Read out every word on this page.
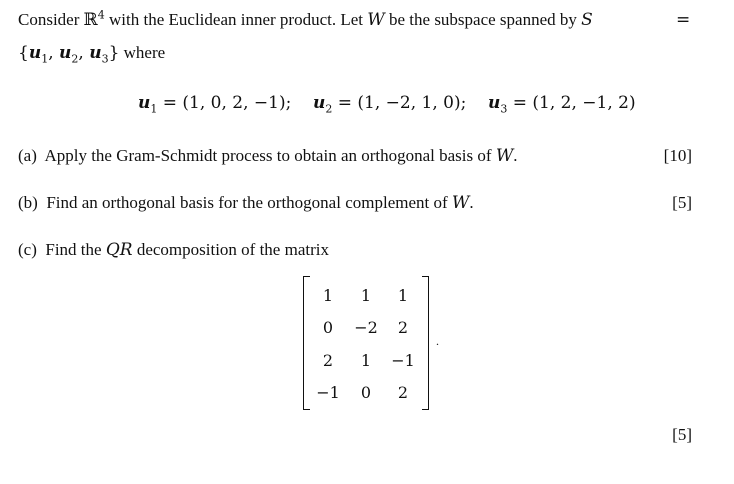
Consider ℝ$^4$ with the Euclidean inner product. Let W be the subspace spanned by S	=
{$u_1$, $u_2$, $u_3$} where
$u_1 = (1$, 0, 2, −1); $u_2 = (1$, −2, 1, 0); $u_3 = (1$, 2, −1, 2)
(a) Apply the Gram-Schmidt process to obtain an orthogonal basis of W.	[10]
(b) Find an orthogonal basis for the orthogonal complement of W.	[5]
(c) Find the QR decomposition of the matrix
1	1	1
0	−2	2
2	1	−1
−1	0	2
.
[5]
